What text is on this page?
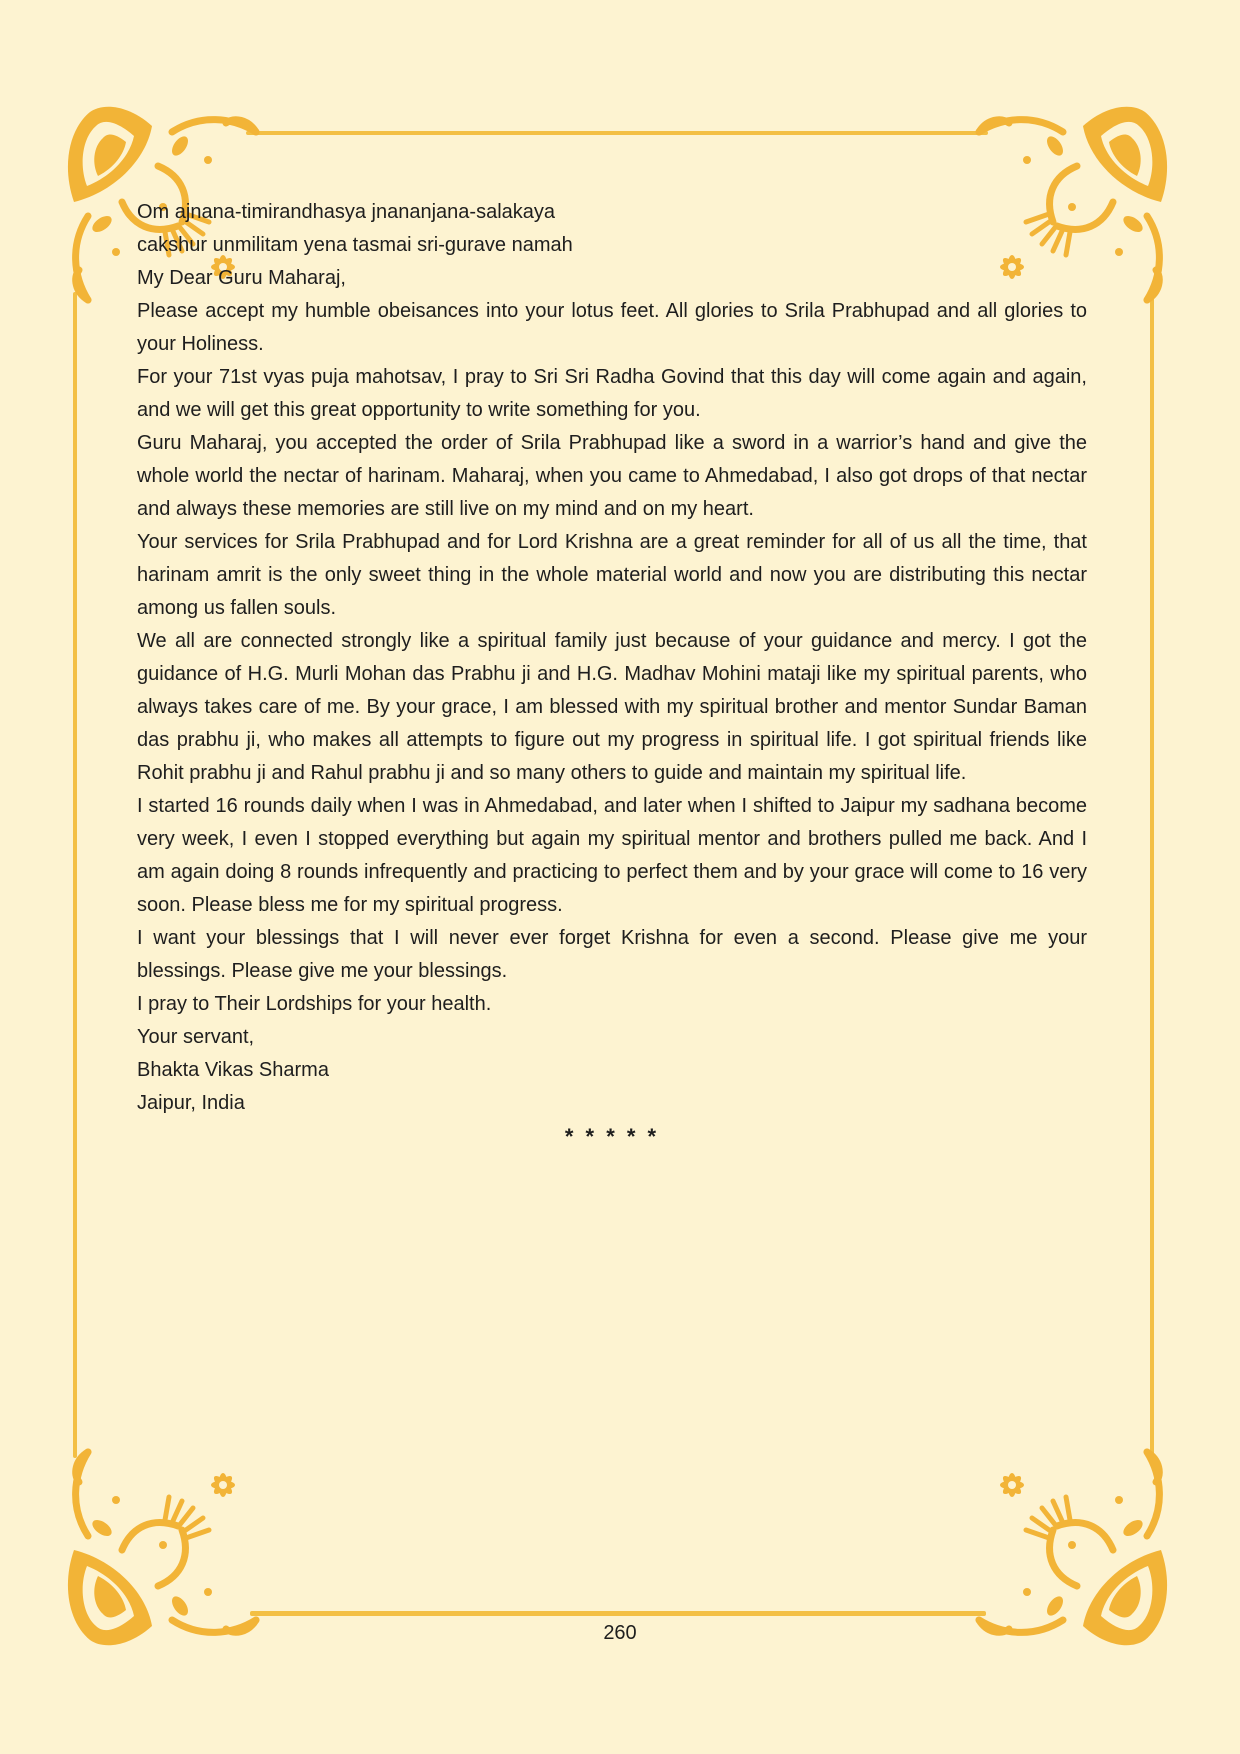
Om ajnana-timirandhasya jnananjana-salakaya

cakshur unmilitam yena tasmai sri-gurave namah

My Dear Guru Maharaj,

Please accept my humble obeisances into your lotus feet. All glories to Srila Prabhupad and all glories to your Holiness.

For your 71st vyas puja mahotsav, I pray to Sri Sri Radha Govind that this day will come again and again, and we will get this great opportunity to write something for you.

Guru Maharaj, you accepted the order of Srila Prabhupad like a sword in a warrior’s hand and give the whole world the nectar of harinam. Maharaj, when you came to Ahmedabad, I also got drops of that nectar and always these memories are still live on my mind and on my heart.

Your services for Srila Prabhupad and for Lord Krishna are a great reminder for all of us all the time, that harinam amrit is the only sweet thing in the whole material world and now you are distributing this nectar among us fallen souls.

We all are connected strongly like a spiritual family just because of your guidance and mercy. I got the guidance of H.G. Murli Mohan das Prabhu ji and H.G. Madhav Mohini mataji like my spiritual parents, who always takes care of me. By your grace, I am blessed with my spiritual brother and mentor Sundar Baman das prabhu ji, who makes all attempts to figure out my progress in spiritual life. I got spiritual friends like Rohit prabhu ji and Rahul prabhu ji and so many others to guide and maintain my spiritual life.

I started 16 rounds daily when I was in Ahmedabad, and later when I shifted to Jaipur my sadhana become very week, I even I stopped everything but again my spiritual mentor and brothers pulled me back. And I am again doing 8 rounds infrequently and practicing to perfect them and by your grace will come to 16 very soon. Please bless me for my spiritual progress.

I want your blessings that I will never ever forget Krishna for even a second. Please give me your blessings. Please give me your blessings.

I pray to Their Lordships for your health.

Your servant,

Bhakta Vikas Sharma

Jaipur, India

* * * * *

260
